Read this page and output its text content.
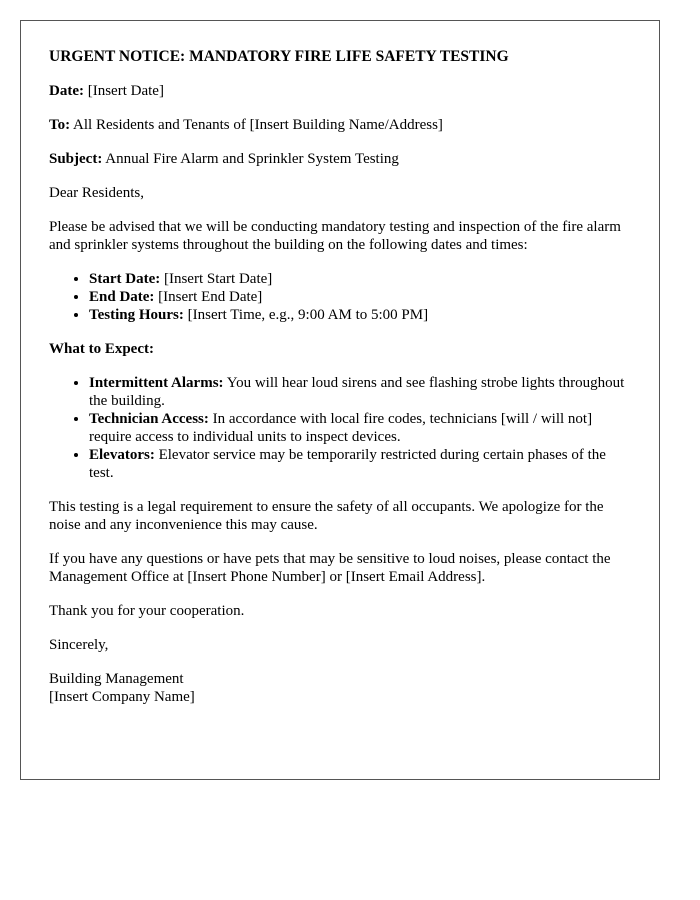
URGENT NOTICE: MANDATORY FIRE LIFE SAFETY TESTING

Date: [Insert Date]

To: All Residents and Tenants of [Insert Building Name/Address]

Subject: Annual Fire Alarm and Sprinkler System Testing

Dear Residents,

Please be advised that we will be conducting mandatory testing and inspection of the fire alarm and sprinkler systems throughout the building on the following dates and times:

• Start Date: [Insert Start Date]
• End Date: [Insert End Date]
• Testing Hours: [Insert Time, e.g., 9:00 AM to 5:00 PM]

What to Expect:

• Intermittent Alarms: You will hear loud sirens and see flashing strobe lights throughout the building.
• Technician Access: In accordance with local fire codes, technicians [will / will not] require access to individual units to inspect devices.
• Elevators: Elevator service may be temporarily restricted during certain phases of the test.

This testing is a legal requirement to ensure the safety of all occupants. We apologize for the noise and any inconvenience this may cause.

If you have any questions or have pets that may be sensitive to loud noises, please contact the Management Office at [Insert Phone Number] or [Insert Email Address].

Thank you for your cooperation.

Sincerely,

Building Management
[Insert Company Name]
